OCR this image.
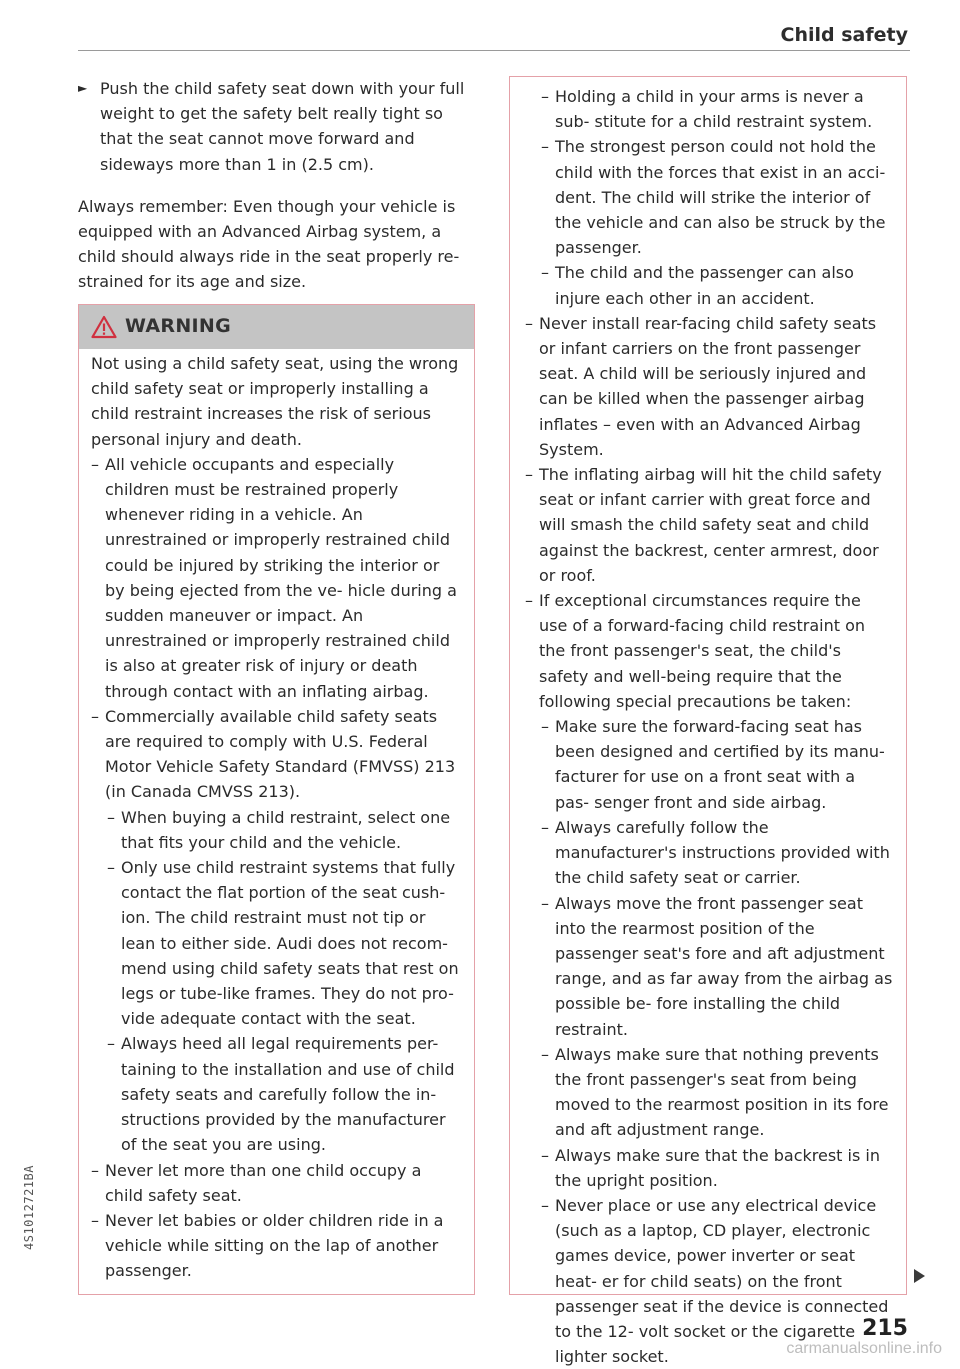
Child safety

► Push the child safety seat down with your full weight to get the safety belt really tight so that the seat cannot move forward and sideways more than 1 in (2.5 cm).

Always remember: Even though your vehicle is equipped with an Advanced Airbag system, a child should always ride in the seat properly re- strained for its age and size.

WARNING

Not using a child safety seat, using the wrong child safety seat or improperly installing a child restraint increases the risk of serious personal injury and death.

– All vehicle occupants and especially children must be restrained properly whenever riding in a vehicle. An unrestrained or improperly restrained child could be injured by striking the interior or by being ejected from the ve- hicle during a sudden maneuver or impact. An unrestrained or improperly restrained child is also at greater risk of injury or death through contact with an inflating airbag.
– Commercially available child safety seats are required to comply with U.S. Federal Motor Vehicle Safety Standard (FMVSS) 213 (in Canada CMVSS 213).
– When buying a child restraint, select one that fits your child and the vehicle.
– Only use child restraint systems that fully contact the flat portion of the seat cush- ion. The child restraint must not tip or lean to either side. Audi does not recom- mend using child safety seats that rest on legs or tube-like frames. They do not pro- vide adequate contact with the seat.
– Always heed all legal requirements per- taining to the installation and use of child safety seats and carefully follow the in- structions provided by the manufacturer of the seat you are using.
– Never let more than one child occupy a child safety seat.
– Never let babies or older children ride in a vehicle while sitting on the lap of another passenger.
– Holding a child in your arms is never a sub- stitute for a child restraint system.
– The strongest person could not hold the child with the forces that exist in an acci- dent. The child will strike the interior of the vehicle and can also be struck by the passenger.
– The child and the passenger can also injure each other in an accident.
– Never install rear-facing child safety seats or infant carriers on the front passenger seat. A child will be seriously injured and can be killed when the passenger airbag inflates – even with an Advanced Airbag System.
– The inflating airbag will hit the child safety seat or infant carrier with great force and will smash the child safety seat and child against the backrest, center armrest, door or roof.
– If exceptional circumstances require the use of a forward-facing child restraint on the front passenger's seat, the child's safety and well-being require that the following special precautions be taken:
– Make sure the forward-facing seat has been designed and certified by its manu- facturer for use on a front seat with a pas- senger front and side airbag.
– Always carefully follow the manufacturer's instructions provided with the child safety seat or carrier.
– Always move the front passenger seat into the rearmost position of the passenger seat's fore and aft adjustment range, and as far away from the airbag as possible be- fore installing the child restraint.
– Always make sure that nothing prevents the front passenger's seat from being moved to the rearmost position in its fore and aft adjustment range.
– Always make sure that the backrest is in the upright position.
– Never place or use any electrical device (such as a laptop, CD player, electronic games device, power inverter or seat heat- er for child seats) on the front passenger seat if the device is connected to the 12- volt socket or the cigarette lighter socket.
215
4S1012721BA
carmanualsonline.info
